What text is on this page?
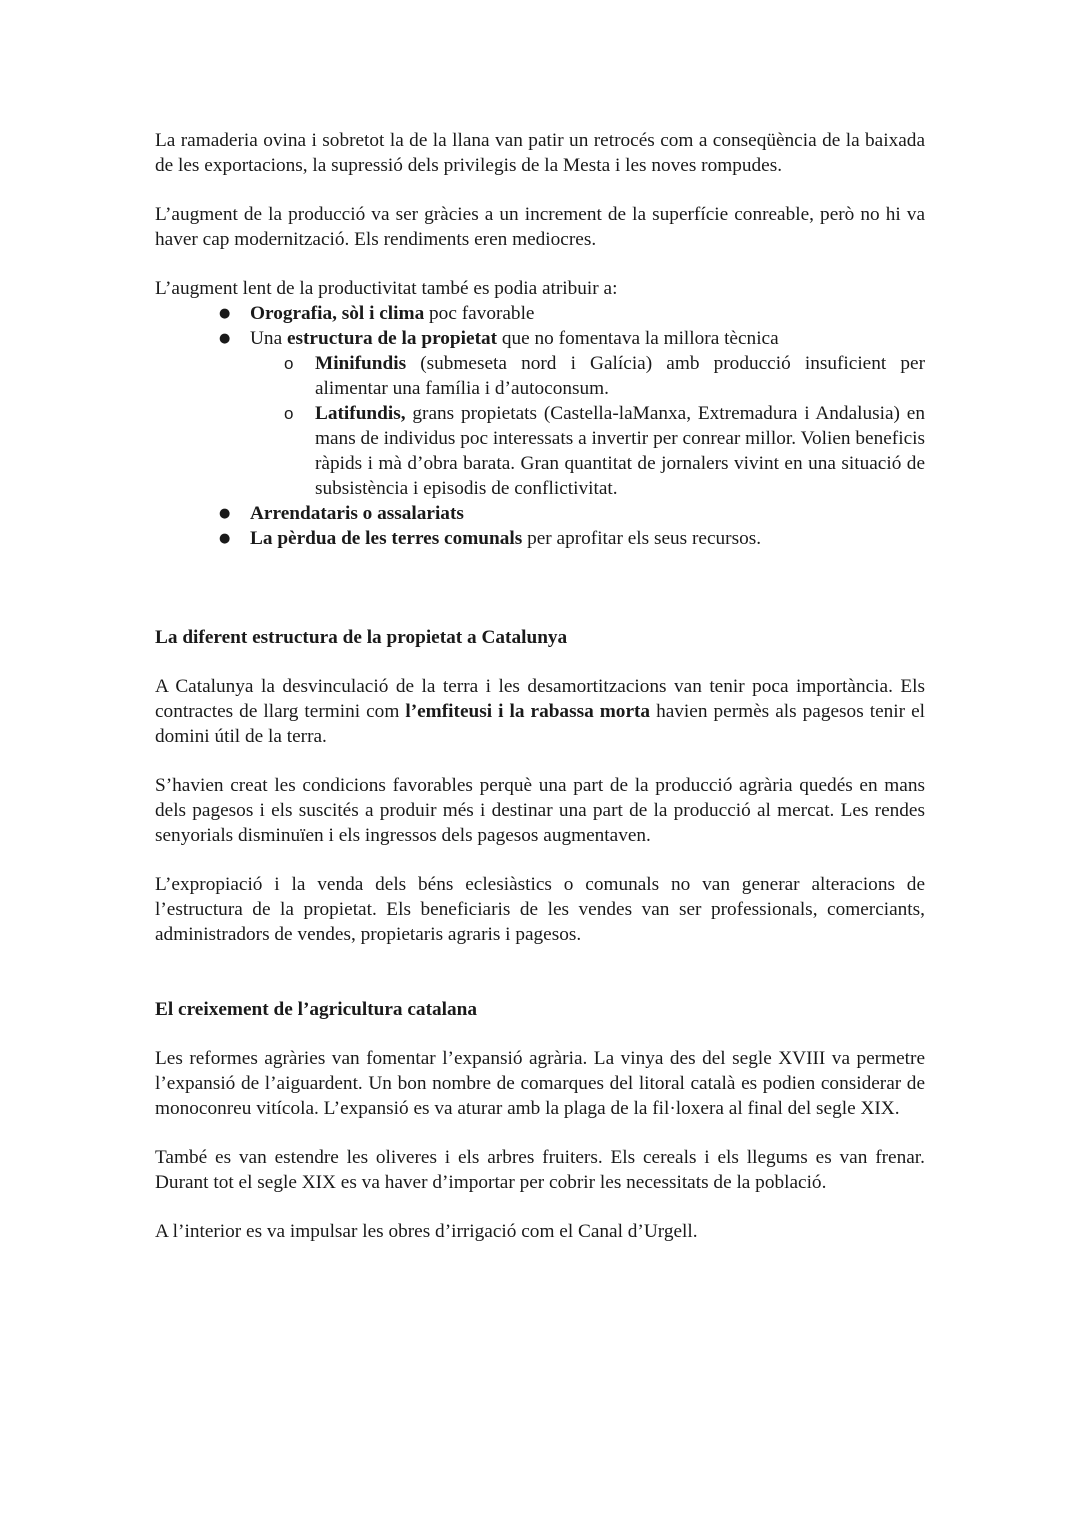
La ramaderia ovina i sobretot la de la llana van patir un retrocés com a conseqüència de la baixada de les exportacions, la supressió dels privilegis de la Mesta i les noves rompudes.

L’augment de la producció va ser gràcies a un increment de la superfície conreable, però no hi va haver cap modernització. Els rendiments eren mediocres.

L’augment lent de la productivitat també es podia atribuir a:

● Orografia, sòl i clima poc favorable
● Una estructura de la propietat que no fomentava la millora tècnica
o Minifundis (submeseta nord i Galícia) amb producció insuficient per alimentar una família i d’autoconsum.
o Latifundis, grans propietats (Castella-laManxa, Extremadura i Andalusia) en mans de individus poc interessats a invertir per conrear millor. Volien beneficis ràpids i mà d’obra barata. Gran quantitat de jornalers vivint en una situació de subsistència i episodis de conflictivitat.
● Arrendataris o assalariats
● La pèrdua de les terres comunals per aprofitar els seus recursos.
La diferent estructura de la propietat a Catalunya

A Catalunya la desvinculació de la terra i les desamortitzacions van tenir poca importància. Els contractes de llarg termini com l’emfiteusi i la rabassa morta havien permès als pagesos tenir el domini útil de la terra.

S’havien creat les condicions favorables perquè una part de la producció agrària quedés en mans dels pagesos i els suscités a produir més i destinar una part de la producció al mercat. Les rendes senyorials disminuïen i els ingressos dels pagesos augmentaven.

L’expropiació i la venda dels béns eclesiàstics o comunals no van generar alteracions de l’estructura de la propietat. Els beneficiaris de les vendes van ser professionals, comerciants, administradors de vendes, propietaris agraris i pagesos.

El creixement de l’agricultura catalana

Les reformes agràries van fomentar l’expansió agrària. La vinya des del segle XVIII va permetre l’expansió de l’aiguardent. Un bon nombre de comarques del litoral català es podien considerar de monoconreu vitícola. L’expansió es va aturar amb la plaga de la fil·loxera al final del segle XIX.

També es van estendre les oliveres i els arbres fruiters. Els cereals i els llegums es van frenar. Durant tot el segle XIX es va haver d’importar per cobrir les necessitats de la població.

A l’interior es va impulsar les obres d’irrigació com el Canal d’Urgell.
